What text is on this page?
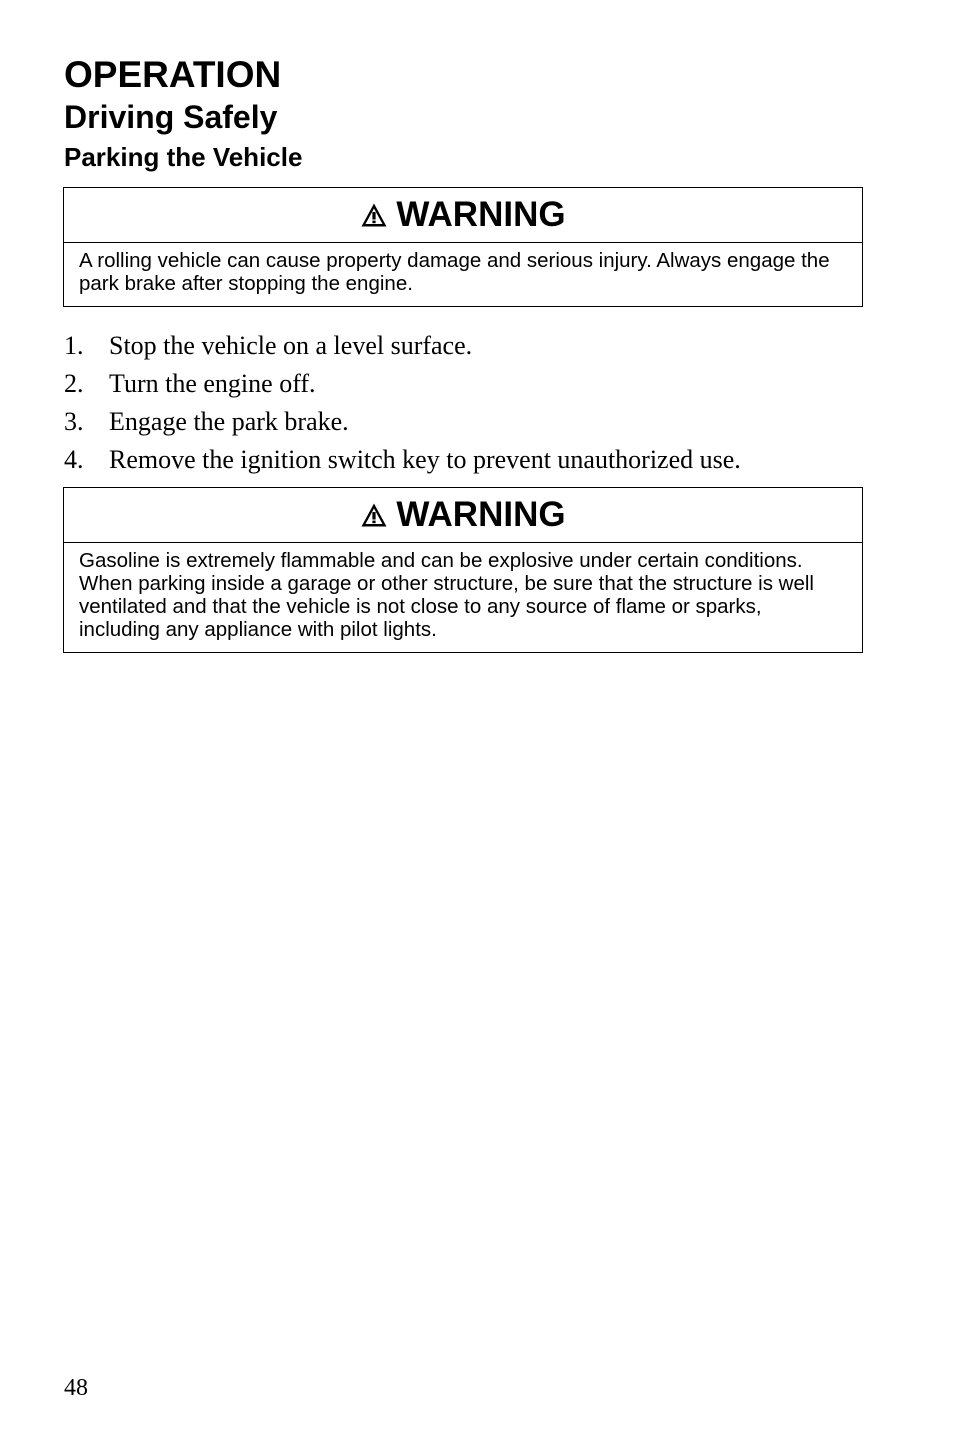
OPERATION
Driving Safely
Parking the Vehicle
WARNING
A rolling vehicle can cause property damage and serious injury. Always engage the park brake after stopping the engine.
1. Stop the vehicle on a level surface.
2. Turn the engine off.
3. Engage the park brake.
4. Remove the ignition switch key to prevent unauthorized use.
WARNING
Gasoline is extremely flammable and can be explosive under certain conditions. When parking inside a garage or other structure, be sure that the structure is well ventilated and that the vehicle is not close to any source of flame or sparks, including any appliance with pilot lights.
48
